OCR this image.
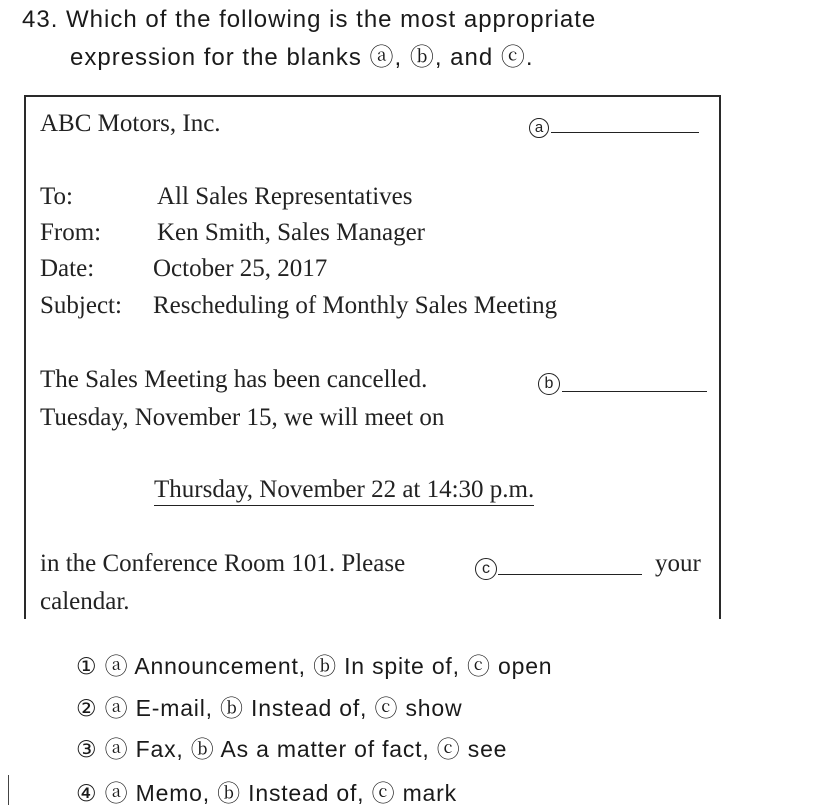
43. Which of the following is the most appropriate
expression for the blanks ⓐ, ⓑ, and ⓒ.
ABC Motors, Inc.	a
To:	All Sales Representatives
From: Ken Smith, Sales Manager
Date: October 25, 2017
Subject: Rescheduling of Monthly Sales Meeting
The Sales Meeting has been cancelled.	b
Tuesday, November 15, we will meet on
Thursday, November 22 at 14:30 p.m.
in the Conference Room 101. Please	c	your
calendar.
① ⓐ Announcement, ⓑ In spite of, ⓒ open
② ⓐ E-mail, ⓑ Instead of, ⓒ show
③ ⓐ Fax, ⓑ As a matter of fact, ⓒ see
④ ⓐ Memo, ⓑ Instead of, ⓒ mark
